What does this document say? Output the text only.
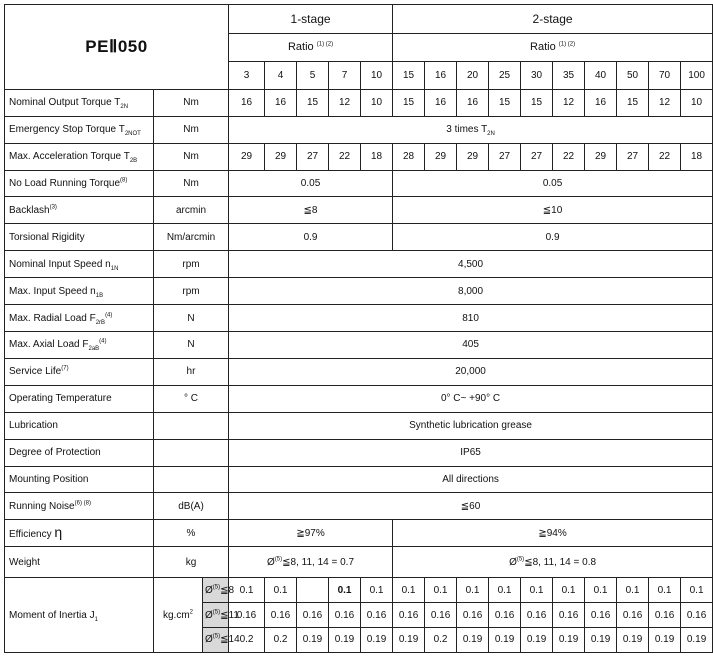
PEⅡ050			1-stage					2-stage									
			Ratio $^{(1) (2)}$					Ratio $^{(1) (2)}$
			3	4	5	7	10	15	16	20	25	30	35	40	50	70	100
Nominal Output Torque $T_{2N}$	Nm		16	16	15	12	10	15	16	16	15	15	12	16	15	12	10
Emergency Stop Torque $T_{2NOT}$	Nm		3 times $T_{2N}$
Max. Acceleration Torque $T_{2B}$	Nm		29	29	27	22	18	28	29	29	27	27	22	29	27	22	18
No Load Running Torque$^{(8)}$	Nm		0.05					0.05									
Backlash$^{(3)}$	arcmin		≦8					≦10									
Torsional Rigidity	Nm/arcmin		0.9					0.9									
Nominal Input Speed $n_{1N}$	rpm		4,500														
Max. Input Speed $n_{1B}$	rpm		8,000														
Max. Radial Load $F_{2rB}^{(4)}$	N		810														
Max. Axial Load $F_{2aB}^{(4)}$	N		405														
Service Life$^{(7)}$	hr		20,000														
Operating Temperature	° C		0° C~ +90° C														
Lubrication			Synthetic lubrication grease														
Degree of Protection			IP65														
Mounting Position			All directions														
Running Noise$^{(6) (8)}$	dB(A)		≦60														
Efficiency η	%		≧97%					≧94%									
Weight	kg		$Ø^{(5)}≦8$, 11, 14 = 0.7					$Ø^{(5)}≦8$, 11, 14 = 0.8									
Moment of Inertia $J_1$	$kg.cm^2$	$Ø^{(5)}≦8$	0.1	0.1		0.1	0.1	0.1	0.1	0.1	0.1	0.1	0.1	0.1	0.1	0.1	0.1
		$Ø^{(5)}≦11$	0.16	0.16	0.16	0.16	0.16	0.16	0.16	0.16	0.16	0.16	0.16	0.16	0.16	0.16	0.16
		$Ø^{(5)}≦14$	0.2	0.2	0.19	0.19	0.19	0.19	0.2	0.19	0.19	0.19	0.19	0.19	0.19	0.19	0.19
